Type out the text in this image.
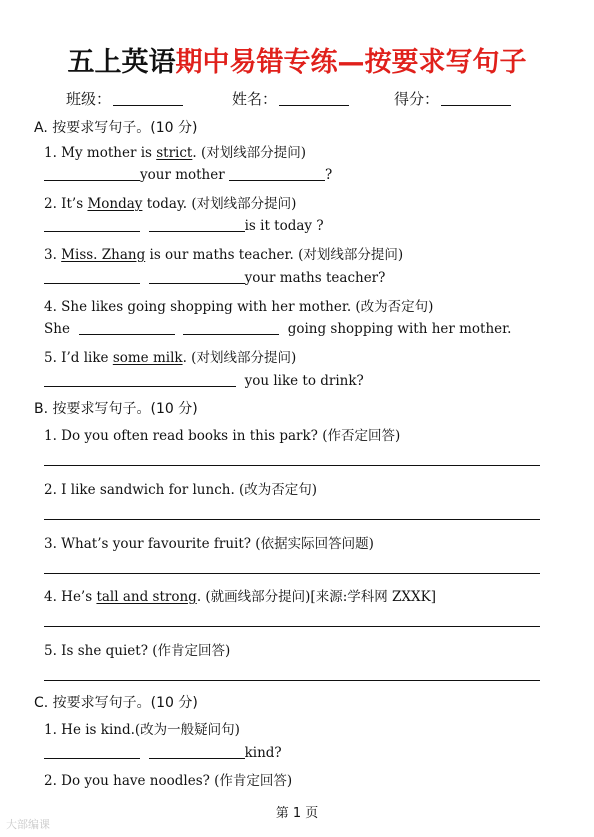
五上英语期中易错专练—按要求写句子
班级：	姓名：	得分：
A. 按要求写句子。(10 分)
1. My mother is strict. (对划线部分提问)
your mother	?
2. It’s Monday today. (对划线部分提问)
is it today ?
3. Miss. Zhang is our maths teacher. (对划线部分提问)
your maths teacher?
4. She likes going shopping with her mother. (改为否定句)
She	going shopping with her mother.
5. I’d like some milk. (对划线部分提问)
you like to drink?
B. 按要求写句子。(10 分)
1. Do you often read books in this park? (作否定回答)
2. I like sandwich for lunch. (改为否定句)
3. What’s your favourite fruit? (依据实际回答问题)
4. He’s tall and strong. (就画线部分提问)[来源:学科网 ZXXK]
5. Is she quiet? (作肯定回答)
C. 按要求写句子。(10 分)
1. He is kind.(改为一般疑问句)
kind?
2. Do you have noodles? (作肯定回答)
第 1 页
大部编课
